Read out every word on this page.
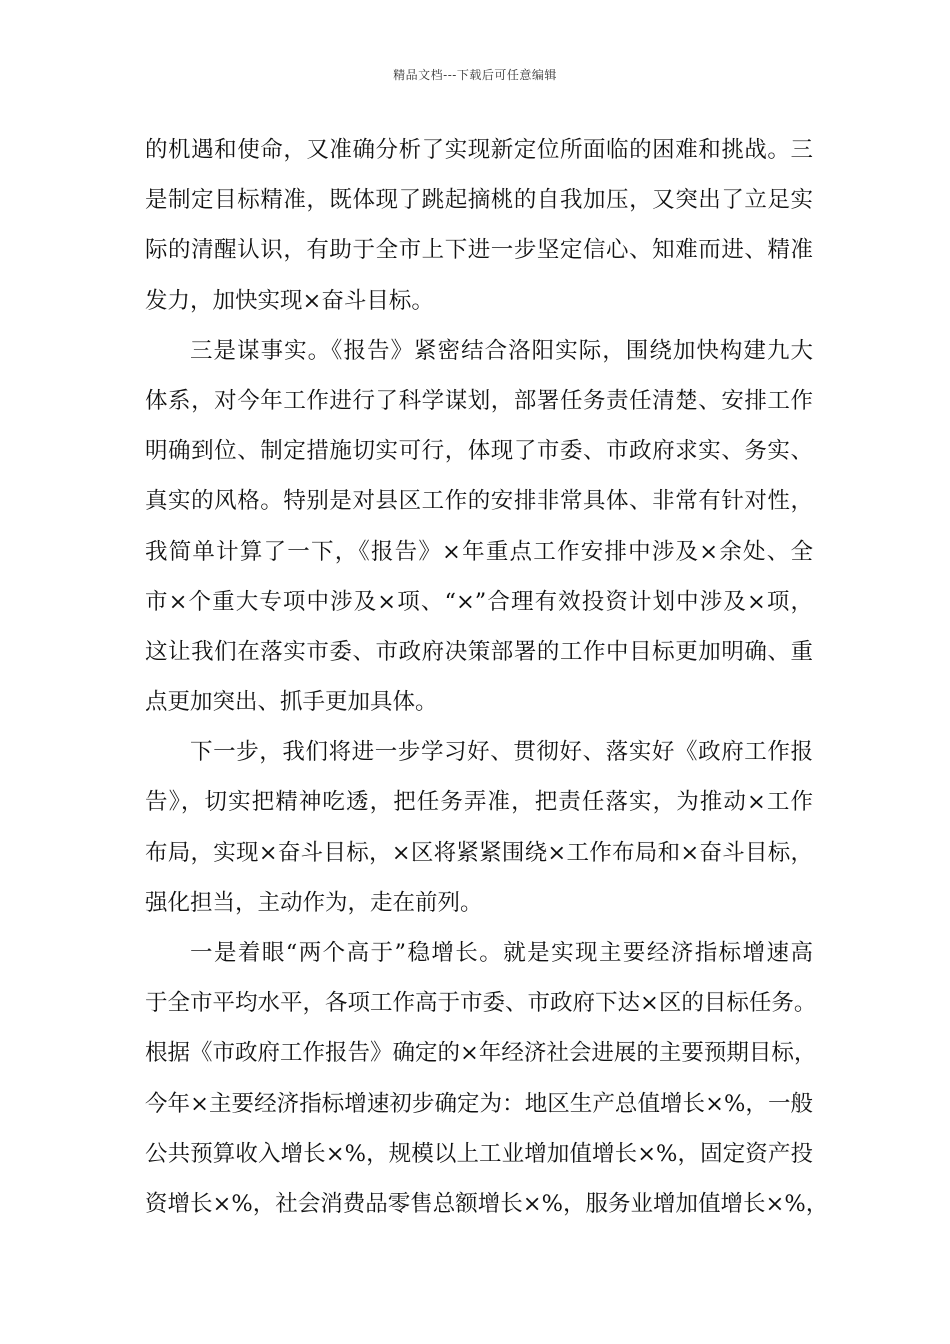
精品文档---下载后可任意编辑
的机遇和使命，又准确分析了实现新定位所面临的困难和挑战。三
是制定目标精准，既体现了跳起摘桃的自我加压，又突出了立足实
际的清醒认识，有助于全市上下进一步坚定信心、知难而进、精准
发力，加快实现×奋斗目标。
三是谋事实。《报告》紧密结合洛阳实际，围绕加快构建九大
体系，对今年工作进行了科学谋划，部署任务责任清楚、安排工作
明确到位、制定措施切实可行，体现了市委、市政府求实、务实、
真实的风格。特别是对县区工作的安排非常具体、非常有针对性，
我简单计算了一下，《报告》×年重点工作安排中涉及×余处、全
市×个重大专项中涉及×项、“×”合理有效投资计划中涉及×项，
这让我们在落实市委、市政府决策部署的工作中目标更加明确、重
点更加突出、抓手更加具体。
下一步，我们将进一步学习好、贯彻好、落实好《政府工作报
告》，切实把精神吃透，把任务弄准，把责任落实，为推动×工作
布局，实现×奋斗目标，×区将紧紧围绕×工作布局和×奋斗目标，
强化担当，主动作为，走在前列。
一是着眼“两个高于”稳增长。就是实现主要经济指标增速高
于全市平均水平，各项工作高于市委、市政府下达×区的目标任务。
根据《市政府工作报告》确定的×年经济社会进展的主要预期目标，
今年×主要经济指标增速初步确定为：地区生产总值增长×%，一般
公共预算收入增长×%，规模以上工业增加值增长×%，固定资产投
资增长×%，社会消费品零售总额增长×%，服务业增加值增长×%，
